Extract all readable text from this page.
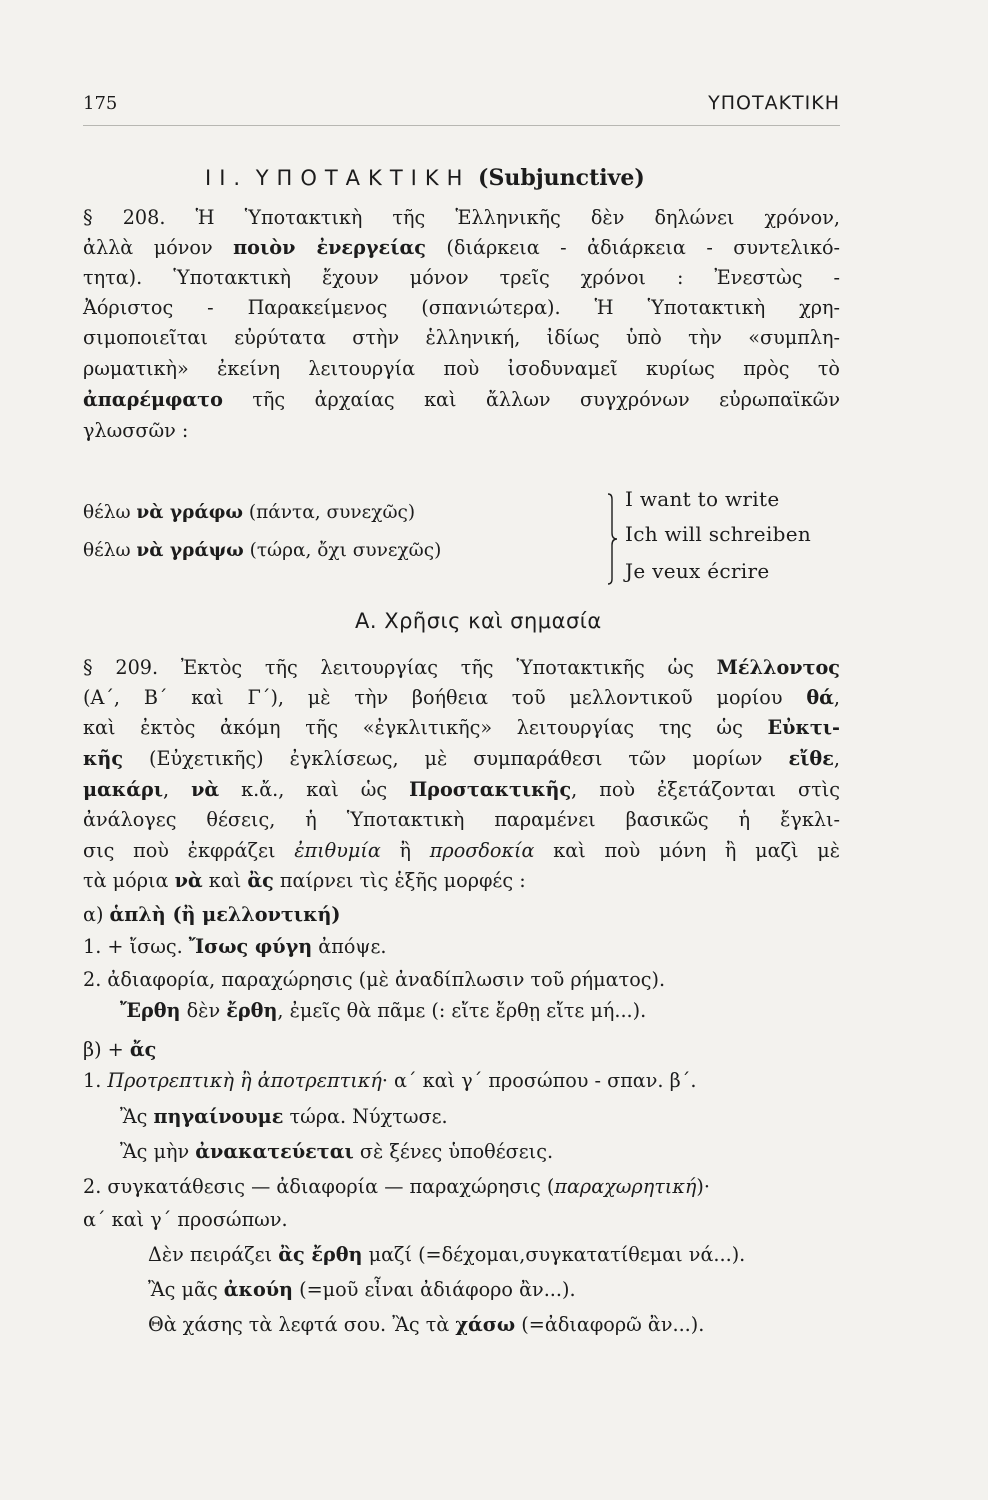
175	ΥΠΟΤΑΚΤΙΚΗ
II. ΥΠΟΤΑΚΤΙΚΗ (Subjunctive)
§ 208. Ἡ Ὑποτακτικὴ τῆς Ἑλληνικῆς δὲν δηλώνει χρόνον,
ἀλλὰ μόνον ποιὸν ἐνεργείας (διάρκεια - ἀδιάρκεια - συντελικό-
τητα). Ὑποτακτικὴ ἔχουν μόνον τρεῖς χρόνοι : Ἐνεστὼς -
Ἀόριστος - Παρακείμενος (σπανιώτερα). Ἡ Ὑποτακτικὴ χρη-
σιμοποιεῖται εὐρύτατα στὴν ἑλληνική, ἰδίως ὑπὸ τὴν «συμπλη-
ρωματικὴ» ἐκείνη λειτουργία ποὺ ἰσοδυναμεῖ κυρίως πρὸς τὸ
ἀπαρέμφατο τῆς ἀρχαίας καὶ ἄλλων συγχρόνων εὐρωπαϊκῶν
γλωσσῶν :
θέλω νὰ γράφω (πάντα, συνεχῶς)
θέλω νὰ γράψω (τώρα, ὄχι συνεχῶς)
I want to write
Ich will schreiben
Je veux écrire
Α. Χρῆσις καὶ σημασία
§ 209. Ἐκτὸς τῆς λειτουργίας τῆς Ὑποτακτικῆς ὡς Μέλλοντος
(Α΄, Β΄ καὶ Γ΄), μὲ τὴν βοήθεια τοῦ μελλοντικοῦ μορίου θά,
καὶ ἐκτὸς ἀκόμη τῆς «ἐγκλιτικῆς» λειτουργίας της ὡς Εὐκτι-
κῆς (Εὐχετικῆς) ἐγκλίσεως, μὲ συμπαράθεσι τῶν μορίων εἴθε,
μακάρι, νὰ κ.ἄ., καὶ ὡς Προστακτικῆς, ποὺ ἐξετάζονται στὶς
ἀνάλογες θέσεις, ἡ Ὑποτακτικὴ παραμένει βασικῶς ἡ ἔγκλι-
σις ποὺ ἐκφράζει ἐπιθυμία ἢ προσδοκία καὶ ποὺ μόνη ἢ μαζὶ μὲ
τὰ μόρια νὰ καὶ ἂς παίρνει τὶς ἑξῆς μορφές :
α) ἁπλὴ (ἢ μελλοντική)
1. + ἴσως. Ἴσως φύγη ἀπόψε.
2. ἀδιαφορία, παραχώρησις (μὲ ἀναδίπλωσιν τοῦ ρήματος).
Ἔρθη δὲν ἔρθη, ἐμεῖς θὰ πᾶμε (: εἴτε ἔρθῃ εἴτε μή...).
β) + ἄς
1. Προτρεπτικὴ ἢ ἀποτρεπτική· α΄ καὶ γ΄ προσώπου - σπαν. β΄.
Ἂς πηγαίνουμε τώρα. Νύχτωσε.
Ἂς μὴν ἀνακατεύεται σὲ ξένες ὑποθέσεις.
2. συγκατάθεσις — ἀδιαφορία — παραχώρησις (παραχωρητική)·
α΄ καὶ γ΄ προσώπων.
Δὲν πειράζει ἂς ἔρθη μαζί (=δέχομαι,συγκατατίθεμαι νά...).
Ἂς μᾶς ἀκούη (=μοῦ εἶναι ἀδιάφορο ἂν...).
Θὰ χάσης τὰ λεφτά σου. Ἂς τὰ χάσω (=ἀδιαφορῶ ἂν...).
